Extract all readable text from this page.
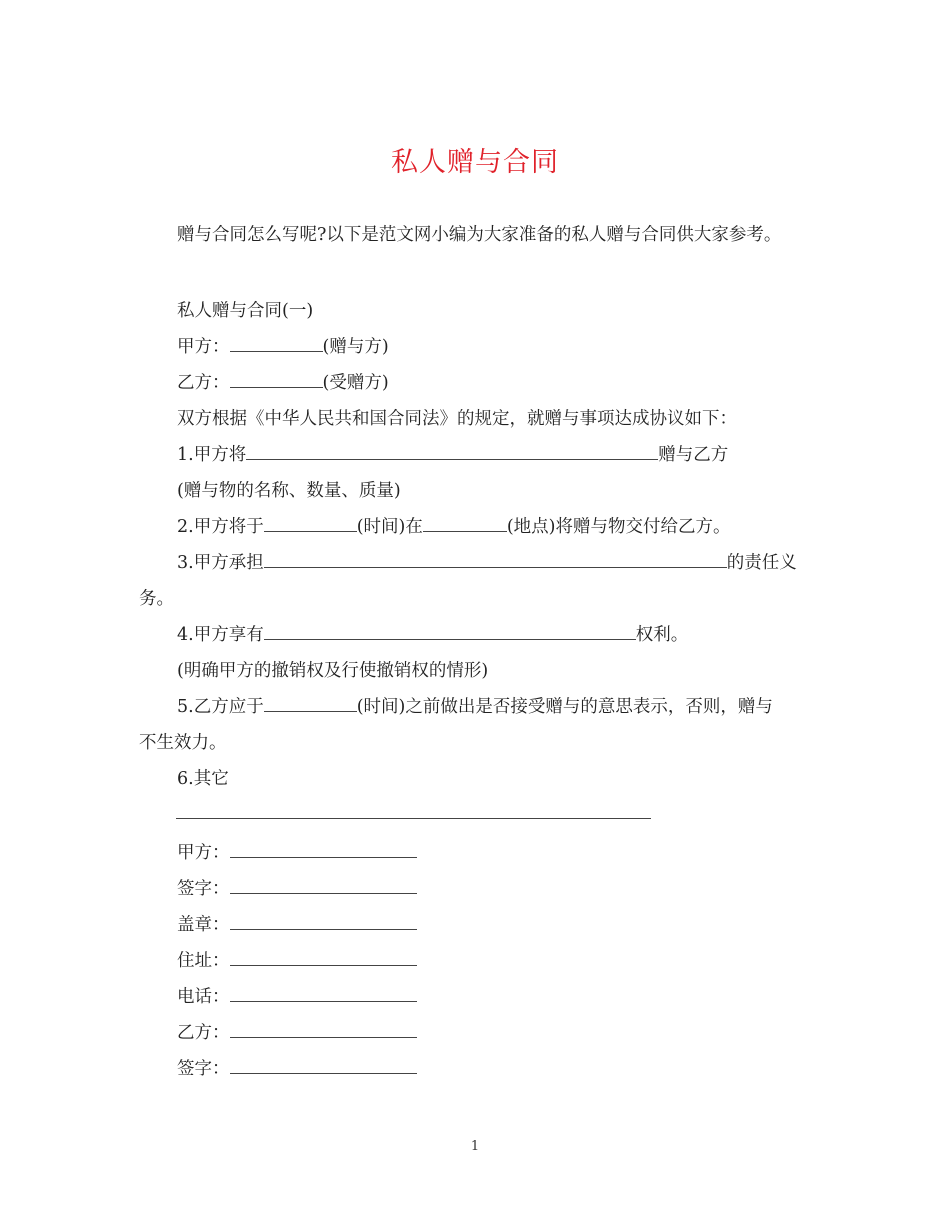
私人赠与合同
赠与合同怎么写呢?以下是范文网小编为大家准备的私人赠与合同供大家参考。
私人赠与合同(一)
甲方：	(赠与方)
乙方：	(受赠方)
双方根据《中华人民共和国合同法》的规定，就赠与事项达成协议如下：
1.甲方将	赠与乙方
(赠与物的名称、数量、质量)
2.甲方将于	(时间)在	(地点)将赠与物交付给乙方。
3.甲方承担	的责任义
务。
4.甲方享有	权利。
(明确甲方的撤销权及行使撤销权的情形)
5.乙方应于	(时间)之前做出是否接受赠与的意思表示，否则，赠与
不生效力。
6.其它
甲方：
签字：
盖章：
住址：
电话：
乙方：
签字：
1
